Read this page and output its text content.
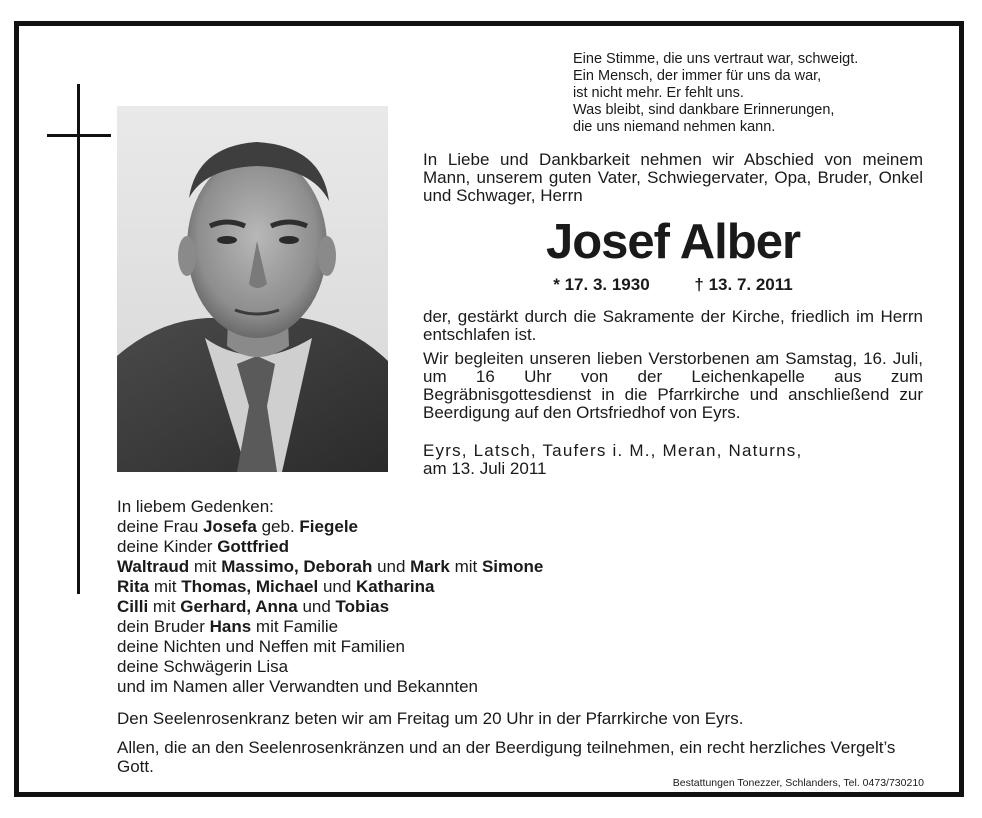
Eine Stimme, die uns vertraut war, schweigt.
Ein Mensch, der immer für uns da war,
ist nicht mehr. Er fehlt uns.
Was bleibt, sind dankbare Erinnerungen,
die uns niemand nehmen kann.
In Liebe und Dankbarkeit nehmen wir Abschied von meinem Mann, unserem guten Vater, Schwiegervater, Opa, Bruder, Onkel und Schwager, Herrn
Josef Alber
* 17. 3. 1930	† 13. 7. 2011
der, gestärkt durch die Sakramente der Kirche, friedlich im Herrn entschlafen ist.
Wir begleiten unseren lieben Verstorbenen am Samstag, 16. Juli, um 16 Uhr von der Leichenkapelle aus zum Begräbnisgottesdienst in die Pfarrkirche und anschließend zur Beerdigung auf den Ortsfriedhof von Eyrs.
Eyrs, Latsch, Taufers i. M., Meran, Naturns,
am 13. Juli 2011
In liebem Gedenken:
deine Frau Josefa geb. Fiegele
deine Kinder Gottfried
Waltraud mit Massimo, Deborah und Mark mit Simone
Rita mit Thomas, Michael und Katharina
Cilli mit Gerhard, Anna und Tobias
dein Bruder Hans mit Familie
deine Nichten und Neffen mit Familien
deine Schwägerin Lisa
und im Namen aller Verwandten und Bekannten
Den Seelenrosenkranz beten wir am Freitag um 20 Uhr in der Pfarrkirche von Eyrs.
Allen, die an den Seelenrosenkränzen und an der Beerdigung teilnehmen, ein recht herzliches Vergelt’s Gott.
Bestattungen Tonezzer, Schlanders, Tel. 0473/730210
